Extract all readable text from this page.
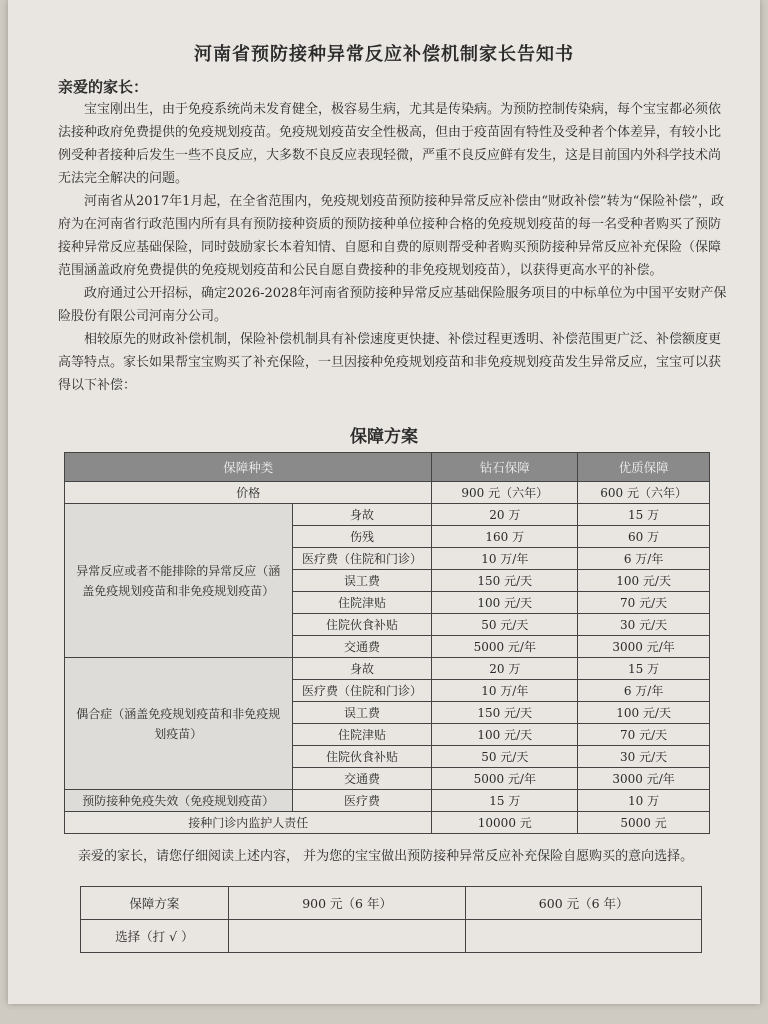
河南省预防接种异常反应补偿机制家长告知书
亲爱的家长：

宝宝刚出生，由于免疫系统尚未发育健全，极容易生病，尤其是传染病。为预防控制传染病，每个宝宝都必须依法接种政府免费提供的免疫规划疫苗。免疫规划疫苗安全性极高，但由于疫苗固有特性及受种者个体差异，有较小比例受种者接种后发生一些不良反应，大多数不良反应表现轻微，严重不良反应鲜有发生，这是目前国内外科学技术尚无法完全解决的问题。

河南省从2017年1月起，在全省范围内，免疫规划疫苗预防接种异常反应补偿由“财政补偿”转为“保险补偿”，政府为在河南省行政范围内所有具有预防接种资质的预防接种单位接种合格的免疫规划疫苗的每一名受种者购买了预防接种异常反应基础保险，同时鼓励家长本着知情、自愿和自费的原则帮受种者购买预防接种异常反应补充保险（保障范围涵盖政府免费提供的免疫规划疫苗和公民自愿自费接种的非免疫规划疫苗），以获得更高水平的补偿。

政府通过公开招标，确定2026-2028年河南省预防接种异常反应基础保险服务项目的中标单位为中国平安财产保险股份有限公司河南分公司。

相较原先的财政补偿机制，保险补偿机制具有补偿速度更快捷、补偿过程更透明、补偿范围更广泛、补偿额度更高等特点。家长如果帮宝宝购买了补充保险，一旦因接种免疫规划疫苗和非免疫规划疫苗发生异常反应，宝宝可以获得以下补偿：

保障方案
保障种类		钻石保障	优质保障
价格		900 元（六年）	600 元（六年）
异常反应或者不能排除的异常反应（涵盖免疫规划疫苗和非免疫规划疫苗）	身故	20 万	15 万
	伤残	160 万	60 万
	医疗费（住院和门诊）	10 万/年	6 万/年
	误工费	150 元/天	100 元/天
	住院津贴	100 元/天	70 元/天
	住院伙食补贴	50 元/天	30 元/天
	交通费	5000 元/年	3000 元/年
偶合症（涵盖免疫规划疫苗和非免疫规划疫苗）	身故	20 万	15 万
	医疗费（住院和门诊）	10 万/年	6 万/年
	误工费	150 元/天	100 元/天
	住院津贴	100 元/天	70 元/天
	住院伙食补贴	50 元/天	30 元/天
	交通费	5000 元/年	3000 元/年
预防接种免疫失效（免疫规划疫苗）	医疗费	15 万	10 万
接种门诊内监护人责任		10000 元	5000 元
亲爱的家长，请您仔细阅读上述内容， 并为您的宝宝做出预防接种异常反应补充保险自愿购买的意向选择。
保障方案	900 元（6 年）	600 元（6 年）
选择（打 √ ）		
